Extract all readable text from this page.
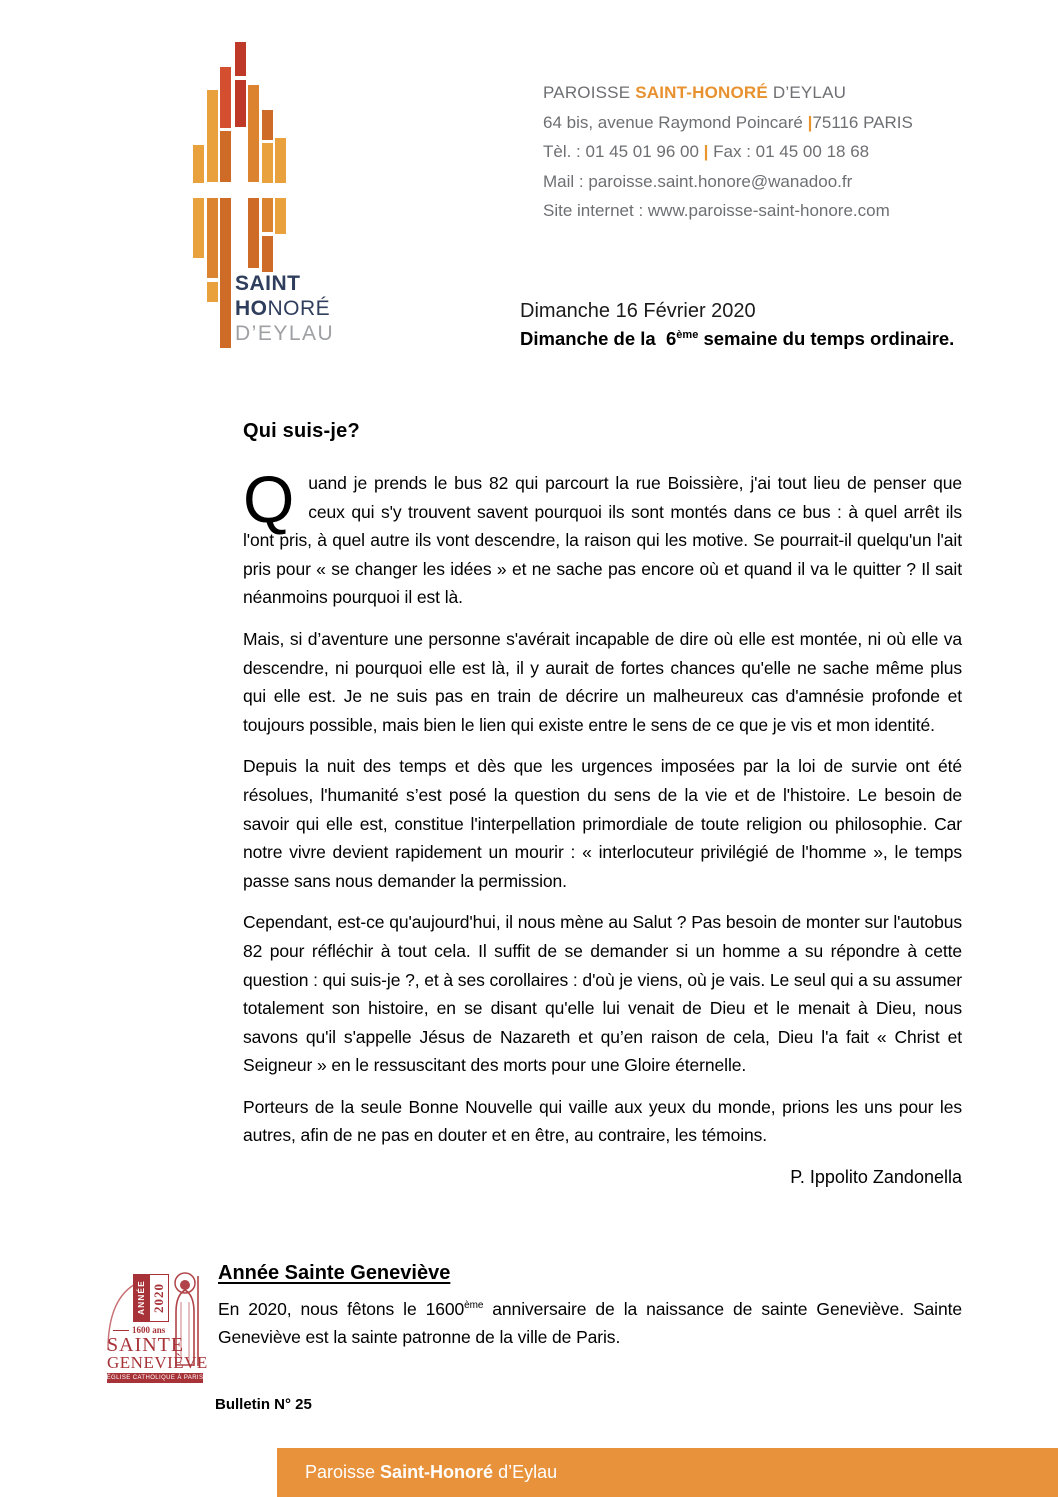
SAINT
HONORÉ
D’EYLAU

PAROISSE SAINT-HONORÉ D’EYLAU

64 bis, avenue Raymond Poincaré |75116 PARIS

Tèl. : 01 45 01 96 00 | Fax : 01 45 00 18 68

Mail : paroisse.saint.honore@wanadoo.fr

Site internet : www.paroisse-saint-honore.com

Dimanche 16 Février 2020

Dimanche de la  6ème semaine du temps ordinaire.

Qui suis-je?

Quand je prends le bus 82 qui parcourt la rue Boissière, j'ai tout lieu de penser que ceux qui s'y trouvent savent pourquoi ils sont montés dans ce bus : à quel arrêt ils l'ont pris, à quel autre ils vont descendre, la raison qui les motive. Se pourrait-il quelqu'un l'ait pris pour « se changer les idées » et ne sache pas encore où et quand il va le quitter ? Il sait néanmoins pourquoi il est là.

Mais, si d’aventure une personne s'avérait incapable de dire où elle est montée, ni où elle va descendre, ni pourquoi elle est là, il y aurait de fortes chances qu'elle ne sache même plus qui elle est. Je ne suis pas en train de décrire un malheureux cas d'amnésie profonde et toujours possible, mais bien le lien qui existe entre le sens de ce que je vis et mon identité.

Depuis la nuit des temps et dès que les urgences imposées par la loi de survie ont été résolues, l'humanité s’est posé la question du sens de la vie et de l'histoire. Le besoin de savoir qui elle est, constitue l'interpellation primordiale de toute religion ou philosophie. Car notre vivre devient rapidement un mourir : « interlocuteur privilégié de l'homme », le temps passe sans nous demander la permission.

Cependant, est-ce qu'aujourd'hui, il nous mène au Salut ? Pas besoin de monter sur l'autobus 82 pour réfléchir à tout cela. Il suffit de se demander si un homme a su répondre à cette question : qui suis-je ?, et à ses corollaires : d'où je viens, où je vais. Le seul qui a su assumer totalement son histoire, en se disant qu'elle lui venait de Dieu et le menait à Dieu, nous savons qu'il s'appelle Jésus de Nazareth et qu’en raison de cela, Dieu l'a fait « Christ et Seigneur » en le ressuscitant des morts pour une Gloire éternelle.

Porteurs de la seule Bonne Nouvelle qui vaille aux yeux du monde, prions les uns pour les autres, afin de ne pas en douter et en être, au contraire, les témoins.

P. Ippolito Zandonella
ANNÉE 2020
1600 ans
SAINTE
GENEVIÈVE
ÉGLISE CATHOLIQUE À PARIS
Année Sainte Geneviève
En 2020, nous fêtons le 1600ème anniversaire de la naissance de sainte Geneviève. Sainte Geneviève est la sainte patronne de la ville de Paris.
Bulletin N° 25
Paroisse Saint-Honoré d’Eylau
